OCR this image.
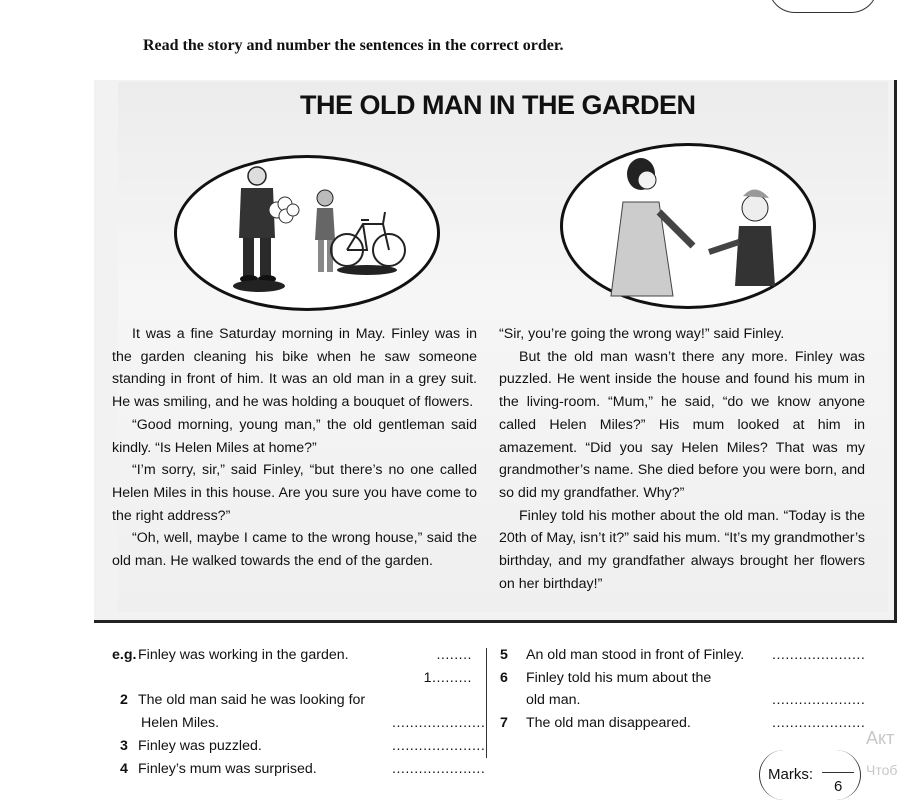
Read the story and number the sentences in the correct order.
THE OLD MAN IN THE GARDEN

It was a fine Saturday morning in May. Finley was in the garden cleaning his bike when he saw someone standing in front of him. It was an old man in a grey suit. He was smiling, and he was holding a bouquet of flowers.

“Good morning, young man,” the old gentleman said kindly. “Is Helen Miles at home?”

“I’m sorry, sir,” said Finley, “but there’s no one called Helen Miles in this house. Are you sure you have come to the right address?”

“Oh, well, maybe I came to the wrong house,” said the old man. He walked towards the end of the garden.

“Sir, you’re going the wrong way!” said Finley.

But the old man wasn’t there any more. Finley was puzzled. He went inside the house and found his mum in the living-room. “Mum,” he said, “do we know anyone called Helen Miles?” His mum looked at him in amazement. “Did you say Helen Miles? That was my grandmother’s name. She died before you were born, and so did my grandfather. Why?”

Finley told his mother about the old man. “Today is the 20th of May, isn’t it?” said his mum. “It’s my grandmother’s birthday, and my grandfather always brought her flowers on her birthday!”

e.g. Finley was working in the garden.	........ 1.........
2 The old man said he was looking for
Helen Miles.	.....................
3 Finley was puzzled.	.....................
4 Finley’s mum was surprised.	.....................
5	An old man stood in front of Finley.	.....................
6	Finley told his mum about the
old man.	.....................
7	The old man disappeared.	.....................
Marks:
6
Акт
Чтоб
